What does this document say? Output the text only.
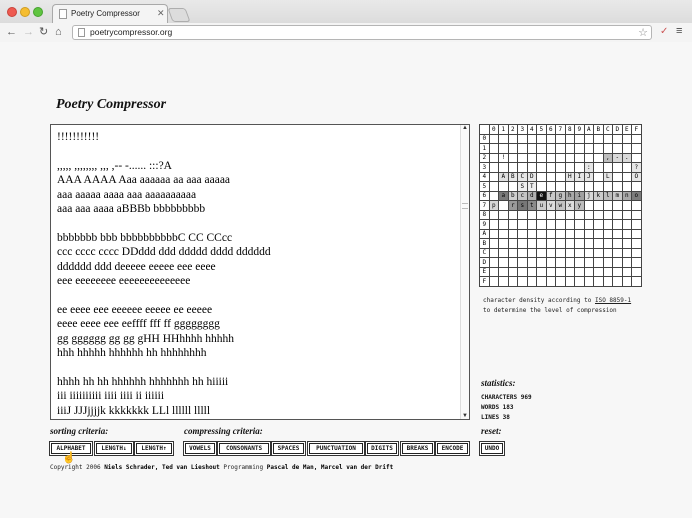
Poetry Compressor ✕
← → ↻ ⌂	poetrycompressor.org	☆ ✓ ≡
Poetry Compressor
!!!!!!!!!!!

,,,,, ,,,,,,,, ,,, ,-- -...... :::?A
AAA AAAA Aaa aaaaaa aa aaa aaaaa
aaa aaaaa aaaa aaa aaaaaaaaaa
aaa aaa aaaa aBBBb bbbbbbbbb

bbbbbbb bbb bbbbbbbbbbC CC CCcc
ccc cccc cccc DDddd ddd ddddd dddd dddddd
dddddd ddd deeeee eeeee eee eeee
eee eeeeeeee eeeeeeeeeeeeee

ee eeee eee eeeeee eeeee ee eeeee
eeee eeee eee eeffff fff ff gggggggg
gg gggggg gg gg gHH HHhhhh hhhhh
hhh hhhhh hhhhhh hh hhhhhhhh

hhhh hh hh hhhhhh hhhhhhh hh hiiiii
iii iiiiiiiiii iiii iiii ii iiiiii
iiiJ JJJjjjjk kkkkkkk LLl llllll lllll
▲
▼
	0	1	2	3	4	5	6	7	8	9	A	B	C	D	E	F
0																
1																
2		!											,	-	.	
3											:					?
4		A	B	C	D				H	I	J		L			O
5				S	T											
6		a	b	c	d	e	f	g	h	i	j	k	l	m	n	o
7	p		r	s	t	u	v	w	x	y						
8																
9																
A																
B																
C																
D																
E																
F																
character density according to ISO 8859-1
to determine the level of compression
statistics:
CHARACTERS 969
WORDS 183
LINES 38
sorting criteria:	compressing criteria:	reset:
ALPHABET	LENGTH↓	LENGTH↑	VOWELS	CONSONANTS	SPACES	PUNCTUATION	DIGITS	BREAKS	ENCODE	UNDO
☝
Copyright 2006 Niels Schrader, Ted van Lieshout Programming Pascal de Man, Marcel van der Drift
